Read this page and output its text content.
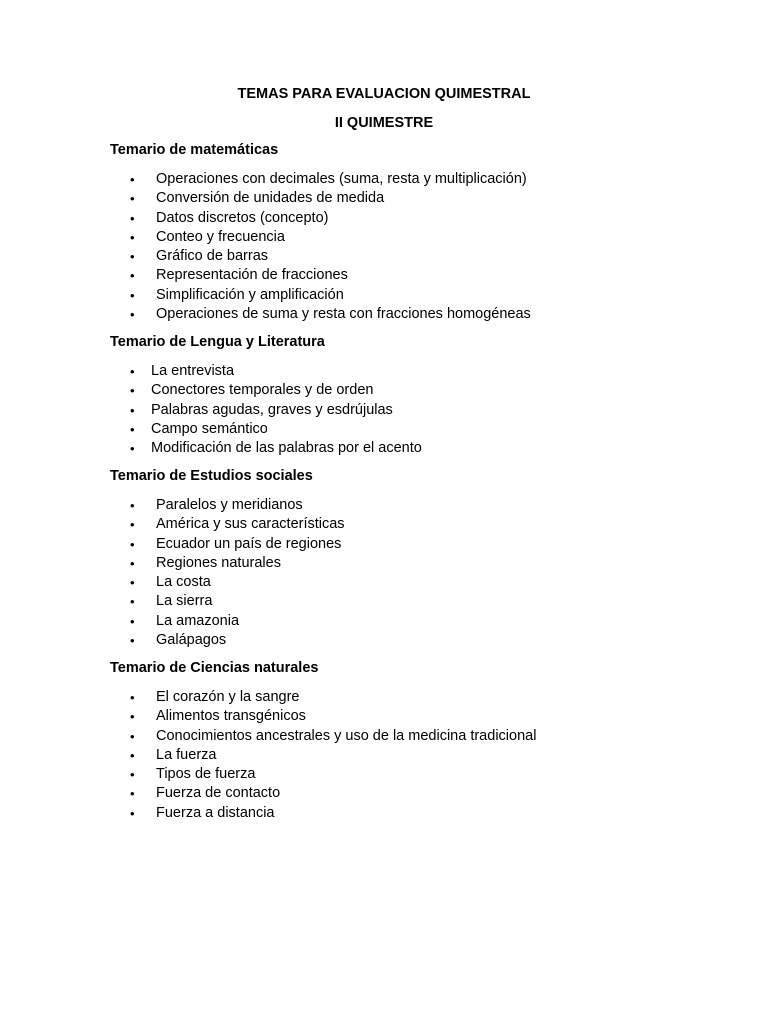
TEMAS PARA EVALUACION QUIMESTRAL
II QUIMESTRE
Temario de matemáticas
• Operaciones con decimales (suma, resta y multiplicación)
• Conversión de unidades de medida
• Datos discretos (concepto)
• Conteo y frecuencia
• Gráfico de barras
• Representación de fracciones
• Simplificación y amplificación
• Operaciones de suma y resta con fracciones homogéneas
Temario de Lengua y Literatura
• La entrevista
• Conectores temporales y de orden
• Palabras agudas, graves y esdrújulas
• Campo semántico
• Modificación de las palabras por el acento
Temario de Estudios sociales
• Paralelos y meridianos
• América y sus características
• Ecuador un país de regiones
• Regiones naturales
• La costa
• La sierra
• La amazonia
• Galápagos
Temario de Ciencias naturales
• El corazón y la sangre
• Alimentos transgénicos
• Conocimientos ancestrales y uso de la medicina tradicional
• La fuerza
• Tipos de fuerza
• Fuerza de contacto
• Fuerza a distancia
